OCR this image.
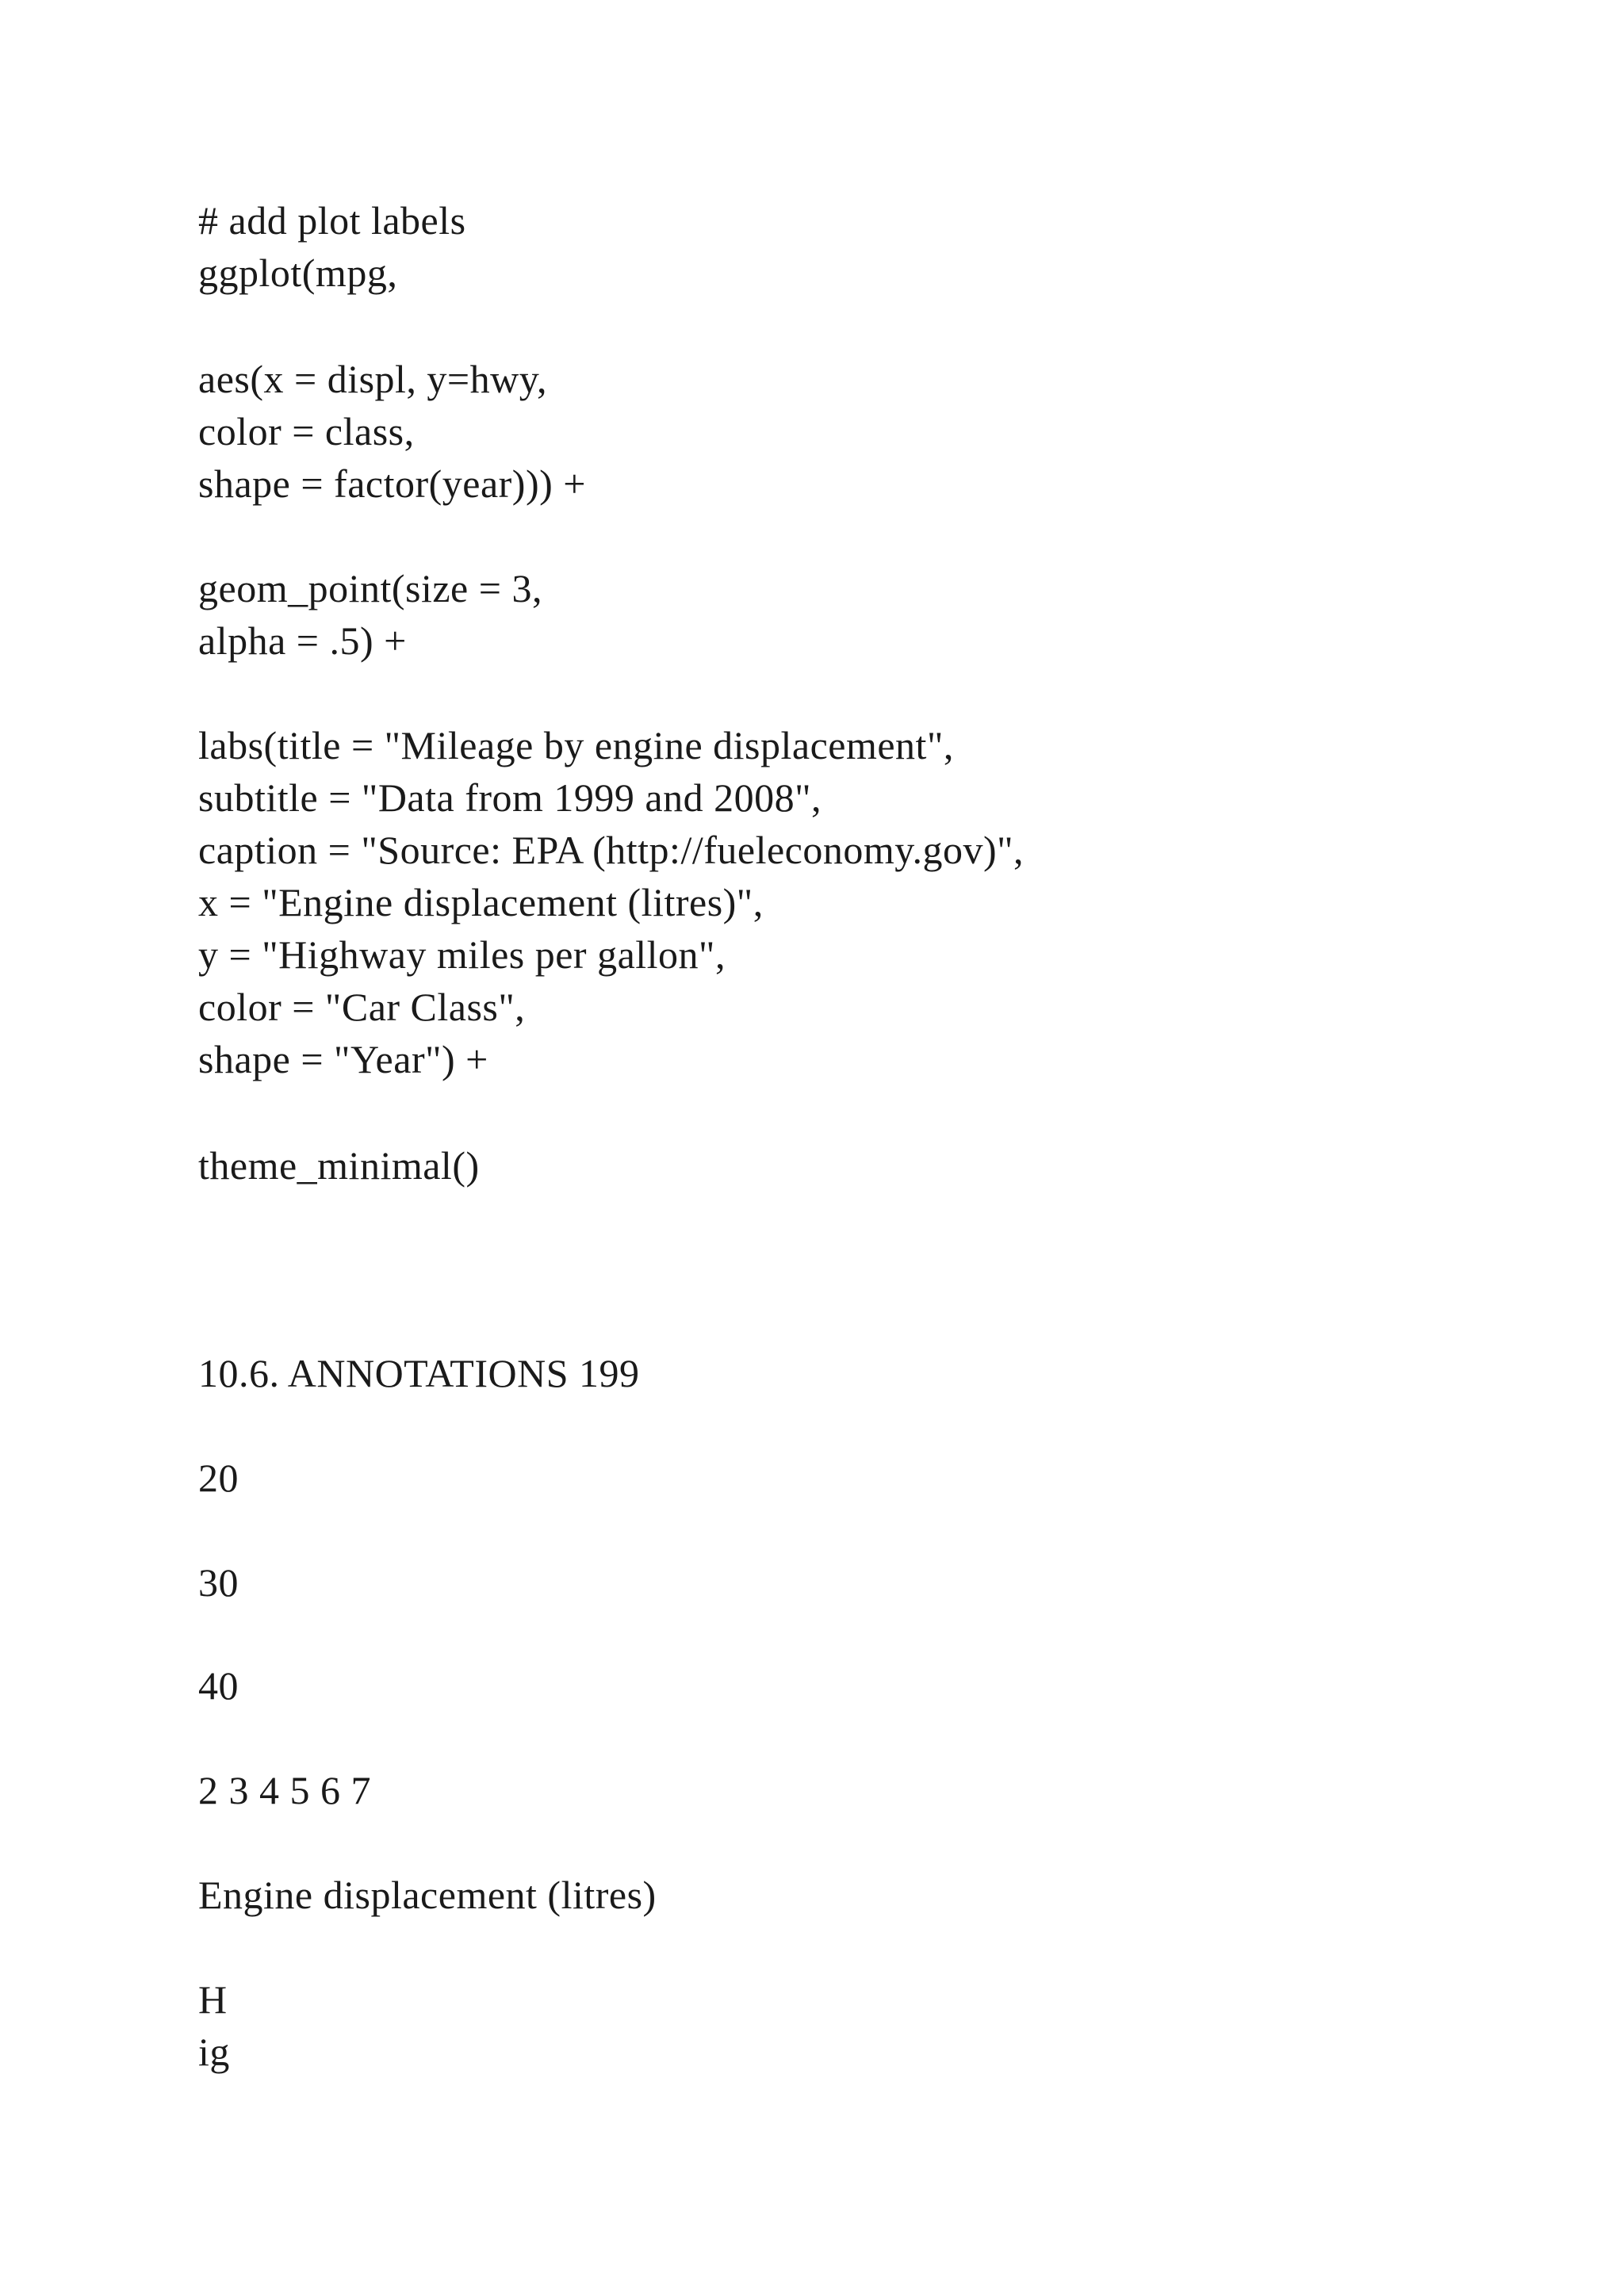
# add plot labels
ggplot(mpg,
aes(x = displ, y=hwy,
color = class,
shape = factor(year))) +
geom_point(size = 3,
alpha = .5) +
labs(title = "Mileage by engine displacement",
subtitle = "Data from 1999 and 2008",
caption = "Source: EPA (http://fueleconomy.gov)",
x = "Engine displacement (litres)",
y = "Highway miles per gallon",
color = "Car Class",
shape = "Year") +
theme_minimal()
10.6. ANNOTATIONS 199
20
30
40
2 3 4 5 6 7
Engine displacement (litres)
H
ig
